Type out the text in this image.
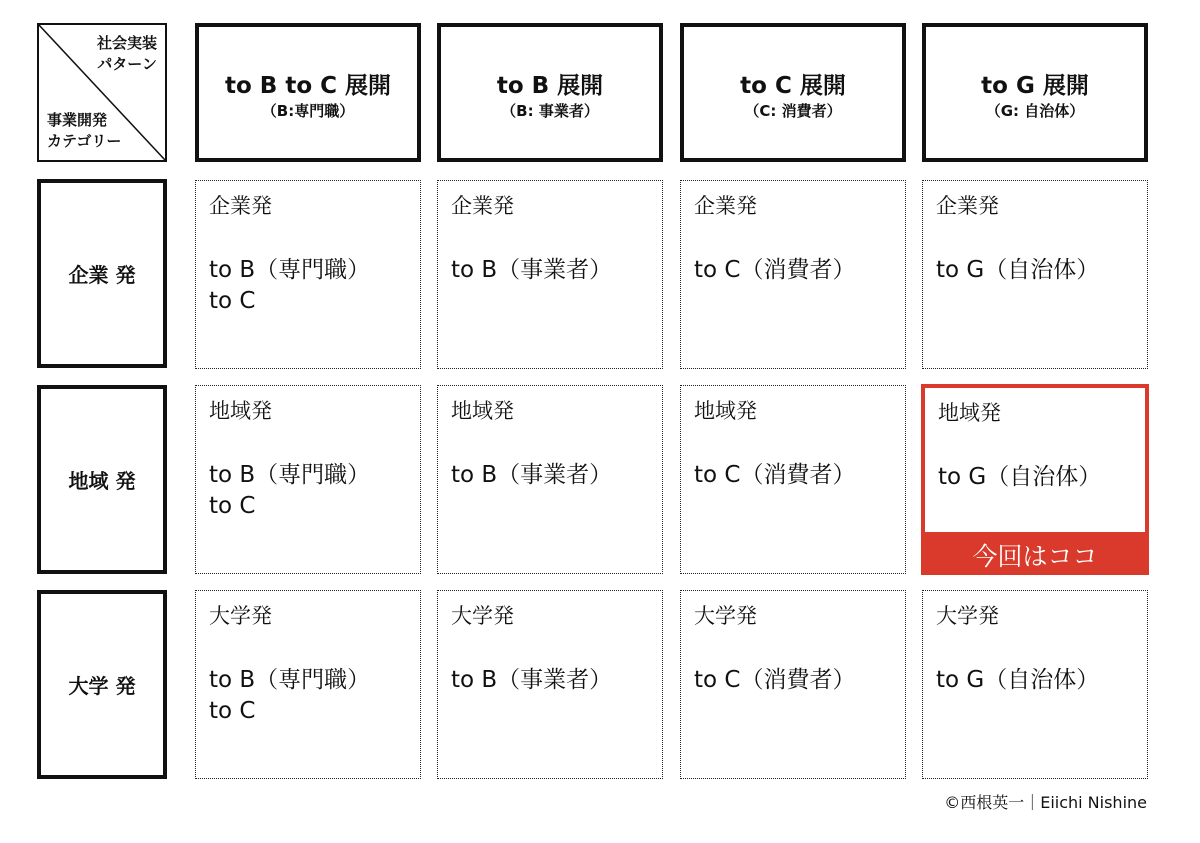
社会実装
パターン
事業開発
カテゴリー
to B to C 展開
（B:専門職）
to B 展開
（B: 事業者）
to C 展開
（C: 消費者）
to G 展開
（G: 自治体）
企業 発
地域 発
大学 発
企業発
to B（専門職）
to C
企業発
to B（事業者）
企業発
to C（消費者）
企業発
to G（自治体）
地域発
to B（専門職）
to C
地域発
to B（事業者）
地域発
to C（消費者）
地域発
to G（自治体）
今回はココ
大学発
to B（専門職）
to C
大学発
to B（事業者）
大学発
to C（消費者）
大学発
to G（自治体）
©西根英一｜Eiichi Nishine
